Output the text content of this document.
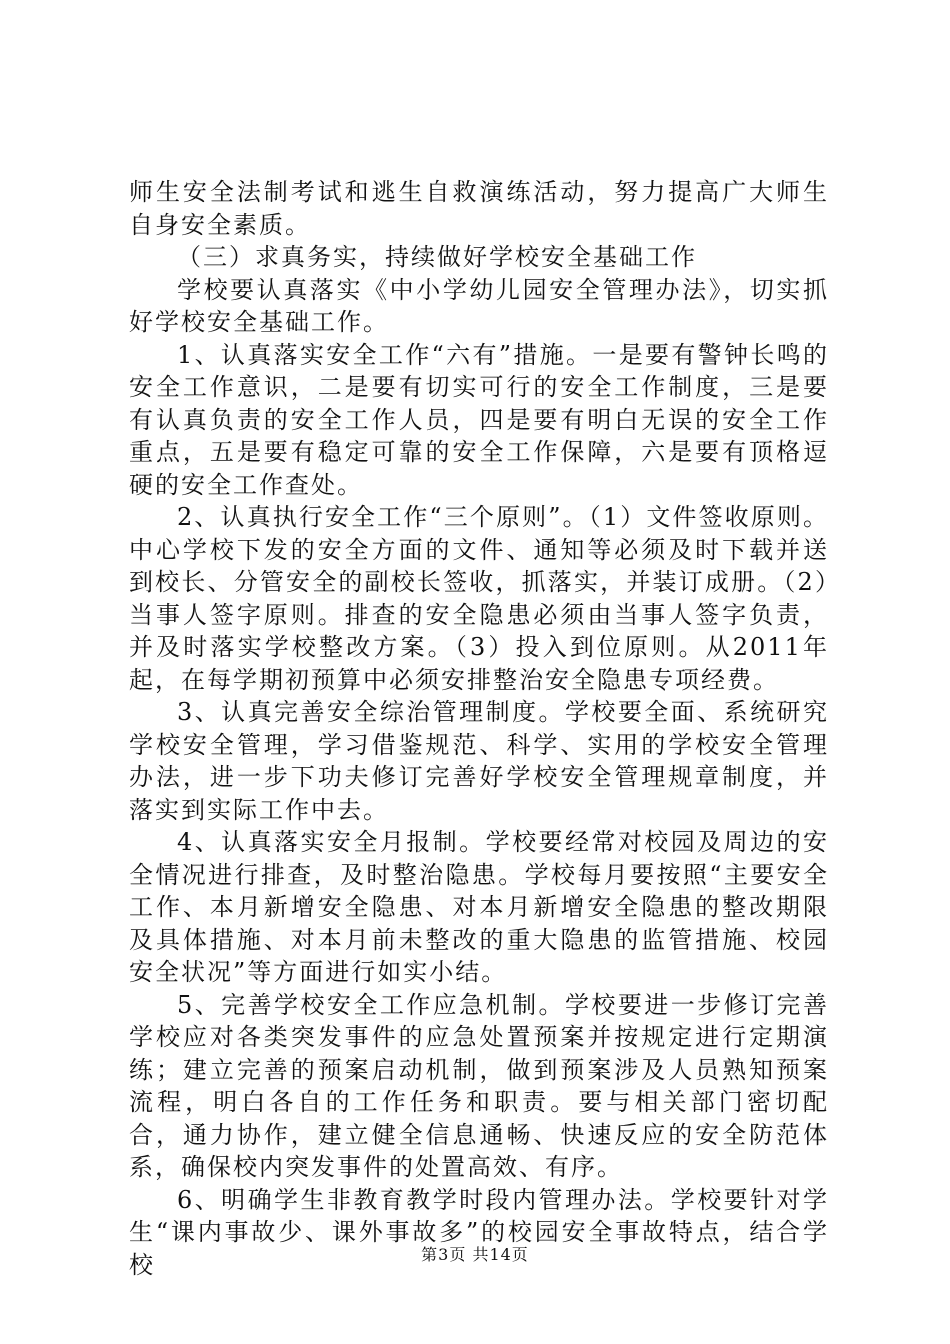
师生安全法制考试和逃生自救演练活动，努力提高广大师生自身安全素质。

（三）求真务实，持续做好学校安全基础工作

学校要认真落实《中小学幼儿园安全管理办法》，切实抓好学校安全基础工作。

1、认真落实安全工作“六有”措施。一是要有警钟长鸣的安全工作意识，二是要有切实可行的安全工作制度，三是要有认真负责的安全工作人员，四是要有明白无误的安全工作重点，五是要有稳定可靠的安全工作保障，六是要有顶格逗硬的安全工作查处。

2、认真执行安全工作“三个原则”。（1）文件签收原则。中心学校下发的安全方面的文件、通知等必须及时下载并送到校长、分管安全的副校长签收，抓落实，并装订成册。（2）当事人签字原则。排查的安全隐患必须由当事人签字负责，并及时落实学校整改方案。（3）投入到位原则。从2011年起，在每学期初预算中必须安排整治安全隐患专项经费。

3、认真完善安全综治管理制度。学校要全面、系统研究学校安全管理，学习借鉴规范、科学、实用的学校安全管理办法，进一步下功夫修订完善好学校安全管理规章制度，并落实到实际工作中去。

4、认真落实安全月报制。学校要经常对校园及周边的安全情况进行排查，及时整治隐患。学校每月要按照“主要安全工作、本月新增安全隐患、对本月新增安全隐患的整改期限及具体措施、对本月前未整改的重大隐患的监管措施、校园安全状况”等方面进行如实小结。

5、完善学校安全工作应急机制。学校要进一步修订完善学校应对各类突发事件的应急处置预案并按规定进行定期演练；建立完善的预案启动机制，做到预案涉及人员熟知预案流程，明白各自的工作任务和职责。要与相关部门密切配合，通力协作，建立健全信息通畅、快速反应的安全防范体系，确保校内突发事件的处置高效、有序。

6、明确学生非教育教学时段内管理办法。学校要针对学生“课内事故少、课外事故多”的校园安全事故特点，结合学校	第3页 共14页
